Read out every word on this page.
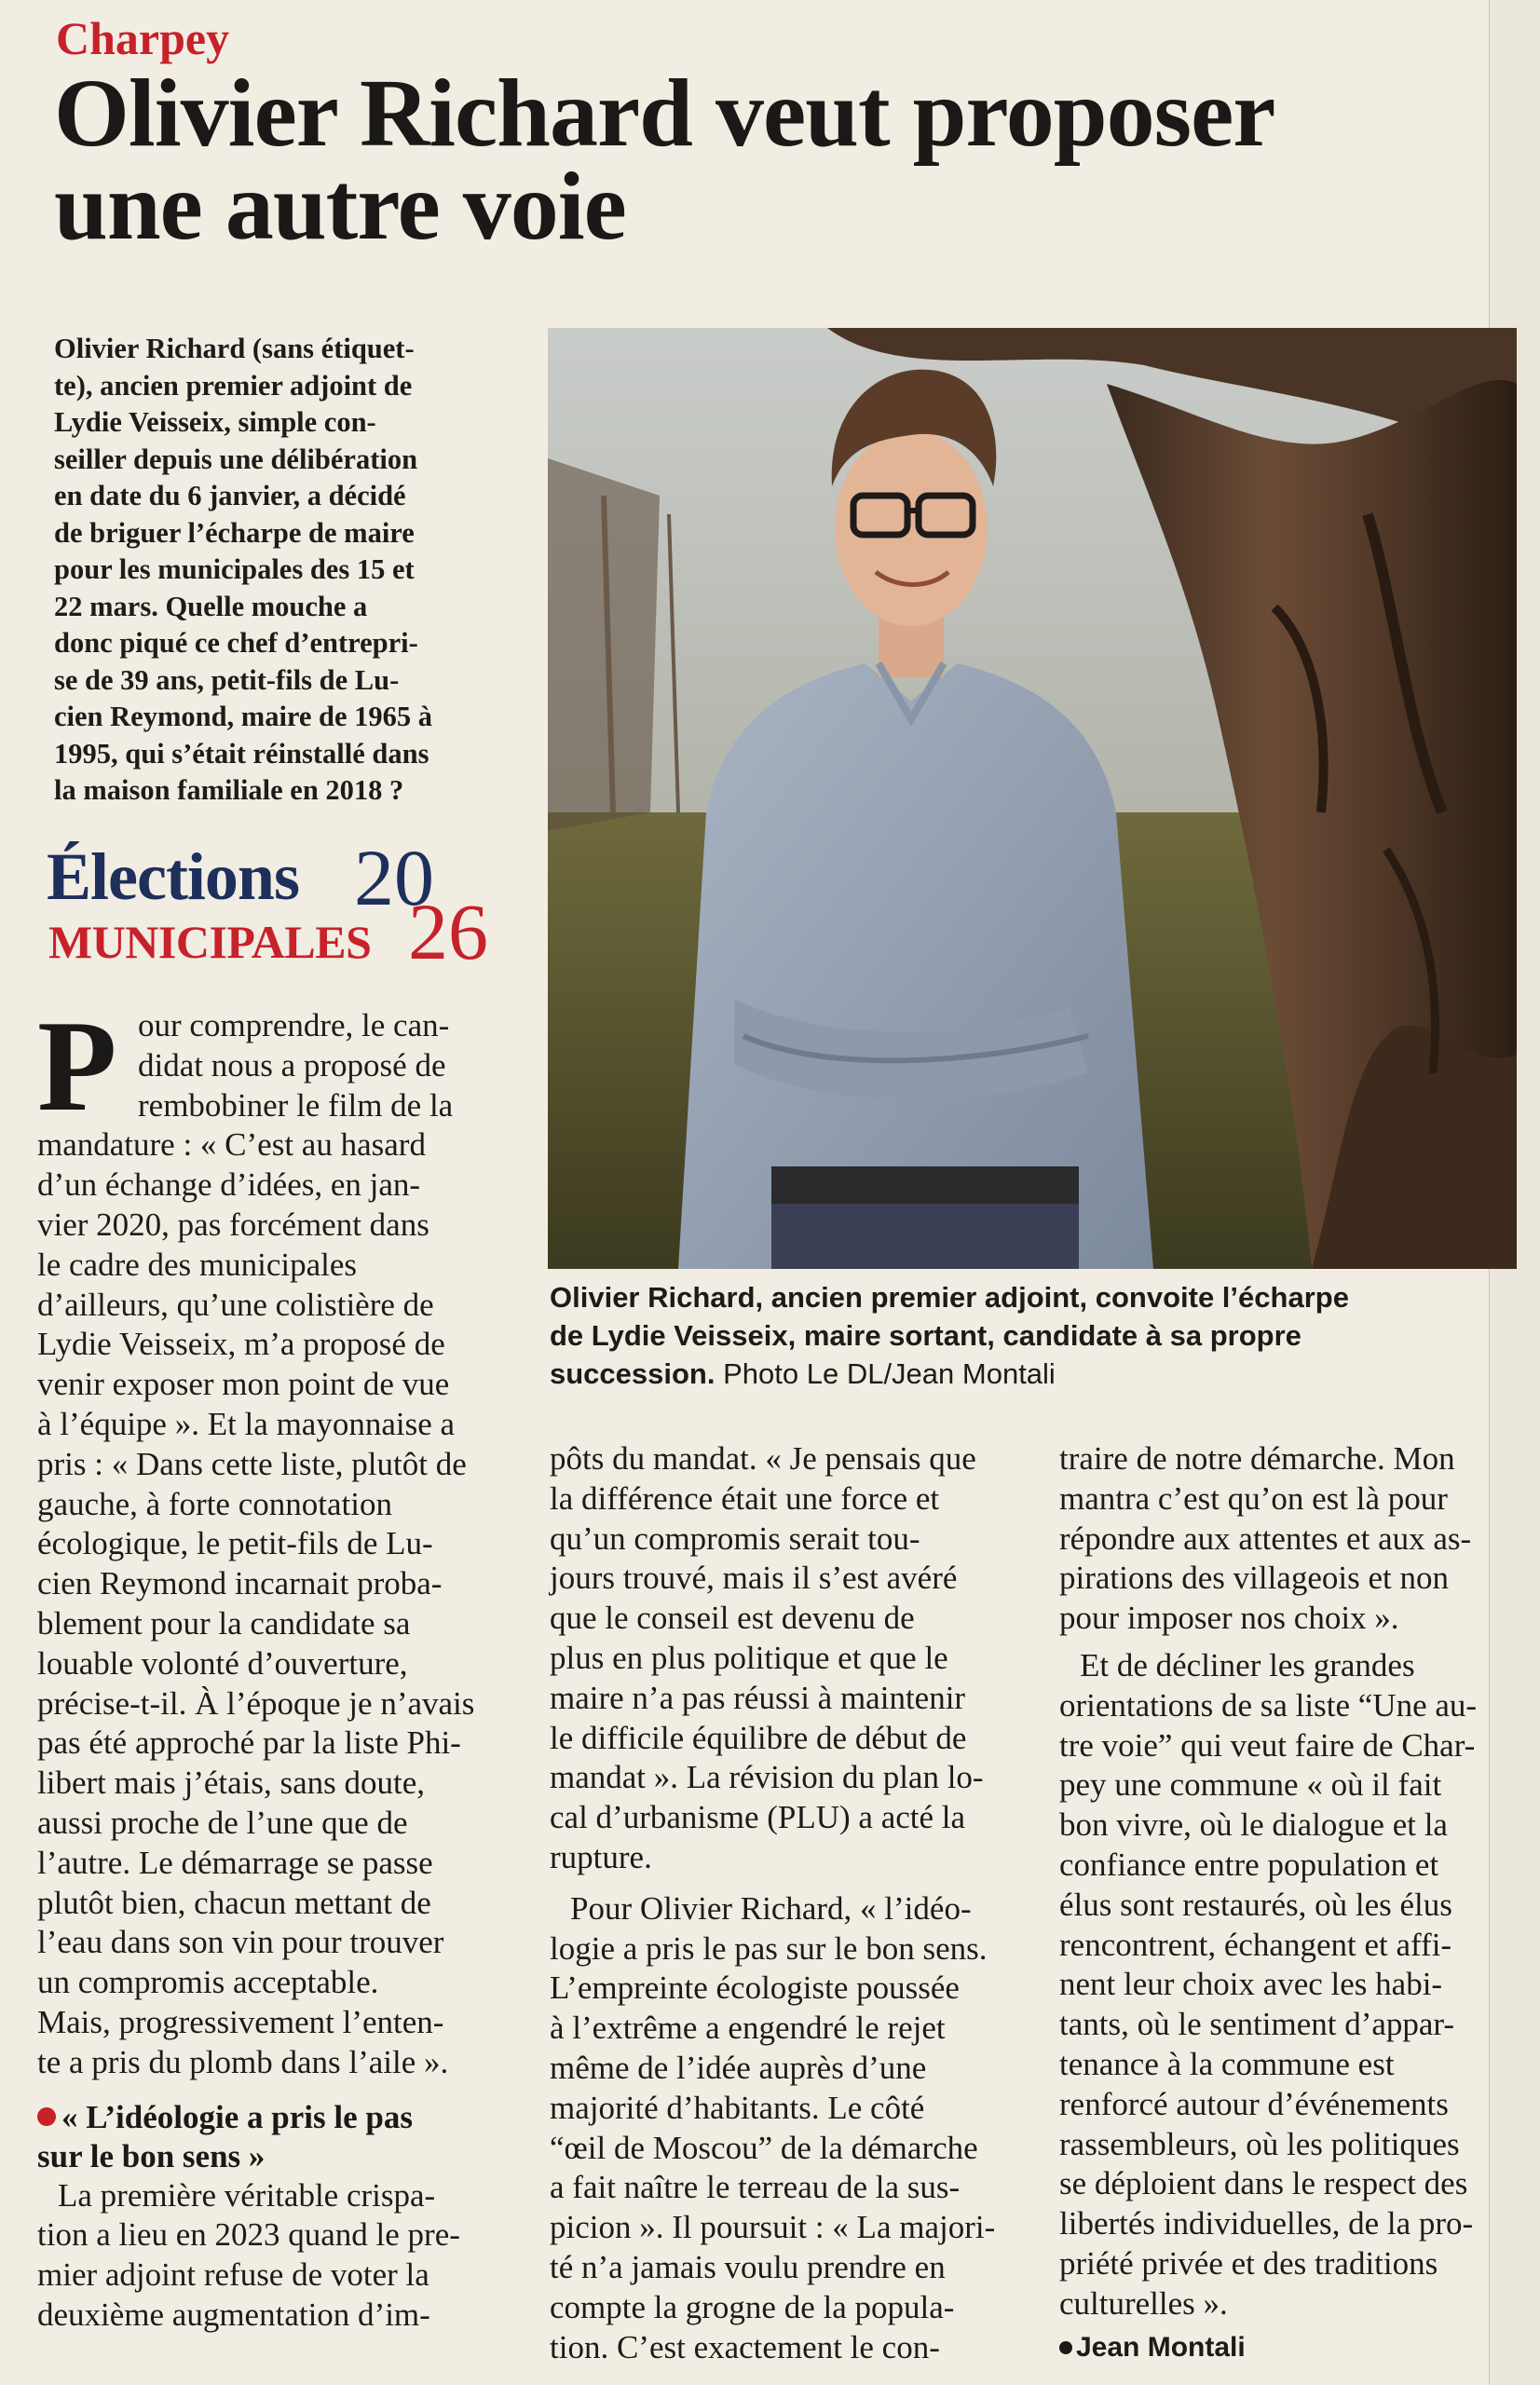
Charpey
Olivier Richard veut proposer
une autre voie
Olivier Richard (sans étiquet-
te), ancien premier adjoint de
Lydie Veisseix, simple con-
seiller depuis une délibération
en date du 6 janvier, a décidé
de briguer l’écharpe de maire
pour les municipales des 15 et
22 mars. Quelle mouche a
donc piqué ce chef d’entrepri-
se de 39 ans, petit-fils de Lu-
cien Reymond, maire de 1965 à
1995, qui s’était réinstallé dans
la maison familiale en 2018 ?
Élections
MUNICIPALES
20
26
Olivier Richard, ancien premier adjoint, convoite l’écharpe
de Lydie Veisseix, maire sortant, candidate à sa propre
succession. Photo Le DL/Jean Montali
P our comprendre, le can-
didat nous a proposé de
rembobiner le film de la
mandature : « C’est au hasard
d’un échange d’idées, en jan-
vier 2020, pas forcément dans
le cadre des municipales
d’ailleurs, qu’une colistière de
Lydie Veisseix, m’a proposé de
venir exposer mon point de vue
à l’équipe ». Et la mayonnaise a
pris : « Dans cette liste, plutôt de
gauche, à forte connotation
écologique, le petit-fils de Lu-
cien Reymond incarnait proba-
blement pour la candidate sa
louable volonté d’ouverture,
précise-t-il. À l’époque je n’avais
pas été approché par la liste Phi-
libert mais j’étais, sans doute,
aussi proche de l’une que de
l’autre. Le démarrage se passe
plutôt bien, chacun mettant de
l’eau dans son vin pour trouver
un compromis acceptable.
Mais, progressivement l’enten-
te a pris du plomb dans l’aile ».
« L’idéologie a pris le pas
sur le bon sens »
La première véritable crispa-
tion a lieu en 2023 quand le pre-
mier adjoint refuse de voter la
deuxième augmentation d’im-
pôts du mandat. « Je pensais que
la différence était une force et
qu’un compromis serait tou-
jours trouvé, mais il s’est avéré
que le conseil est devenu de
plus en plus politique et que le
maire n’a pas réussi à maintenir
le difficile équilibre de début de
mandat ». La révision du plan lo-
cal d’urbanisme (PLU) a acté la
rupture.
Pour Olivier Richard, « l’idéo-
logie a pris le pas sur le bon sens.
L’empreinte écologiste poussée
à l’extrême a engendré le rejet
même de l’idée auprès d’une
majorité d’habitants. Le côté
“œil de Moscou” de la démarche
a fait naître le terreau de la sus-
picion ». Il poursuit : « La majori-
té n’a jamais voulu prendre en
compte la grogne de la popula-
tion. C’est exactement le con-
traire de notre démarche. Mon
mantra c’est qu’on est là pour
répondre aux attentes et aux as-
pirations des villageois et non
pour imposer nos choix ».
Et de décliner les grandes
orientations de sa liste “Une au-
tre voie” qui veut faire de Char-
pey une commune « où il fait
bon vivre, où le dialogue et la
confiance entre population et
élus sont restaurés, où les élus
rencontrent, échangent et affi-
nent leur choix avec les habi-
tants, où le sentiment d’appar-
tenance à la commune est
renforcé autour d’événements
rassembleurs, où les politiques
se déploient dans le respect des
libertés individuelles, de la pro-
priété privée et des traditions
culturelles ».
Jean Montali
